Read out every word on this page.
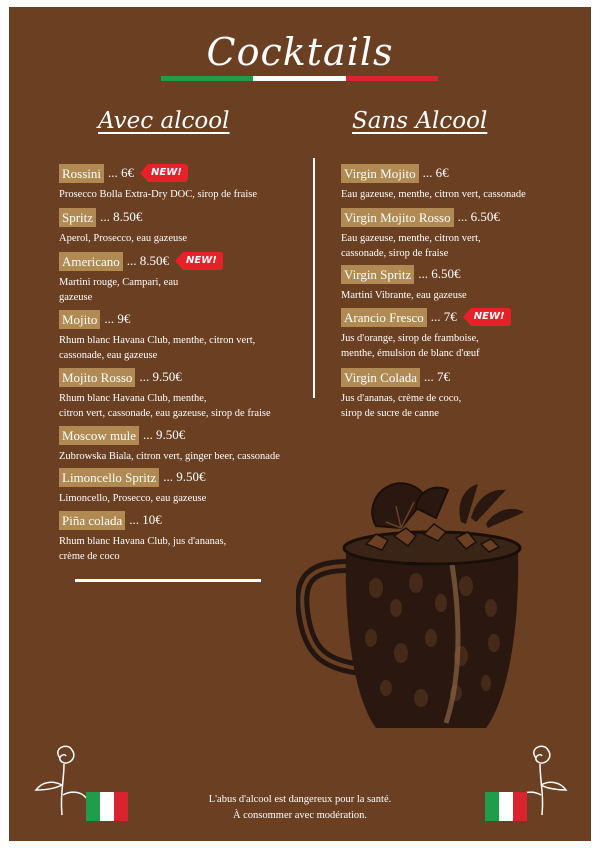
Cocktails
Avec alcool	Sans Alcool
Rossini ... 6€	NEW!
Prosecco Bolla Extra-Dry DOC, sirop de fraise
Spritz ... 8.50€
Aperol, Prosecco, eau gazeuse
Americano ... 8.50€	NEW!
Martini rouge, Campari, eau
gazeuse
Mojito ... 9€
Rhum blanc Havana Club, menthe, citron vert,
cassonade, eau gazeuse
Mojito Rosso ... 9.50€
Rhum blanc Havana Club, menthe,
citron vert, cassonade, eau gazeuse, sirop de fraise
Moscow mule ... 9.50€
Zubrowska Biala, citron vert, ginger beer, cassonade
Limoncello Spritz ... 9.50€
Limoncello, Prosecco, eau gazeuse
Piña colada ... 10€
Rhum blanc Havana Club, jus d'ananas,
crème de coco
Virgin Mojito ... 6€
Eau gazeuse, menthe, citron vert, cassonade
Virgin Mojito Rosso ... 6.50€
Eau gazeuse, menthe, citron vert,
cassonade, sirop de fraise
Virgin Spritz ... 6.50€
Martini Vibrante, eau gazeuse
Arancio Fresco ... 7€	NEW!
Jus d'orange, sirop de framboise,
menthe, émulsion de blanc d'œuf
Virgin Colada ... 7€
Jus d'ananas, crème de coco,
sirop de sucre de canne
L'abus d'alcool est dangereux pour la santé.
À consommer avec modération.
